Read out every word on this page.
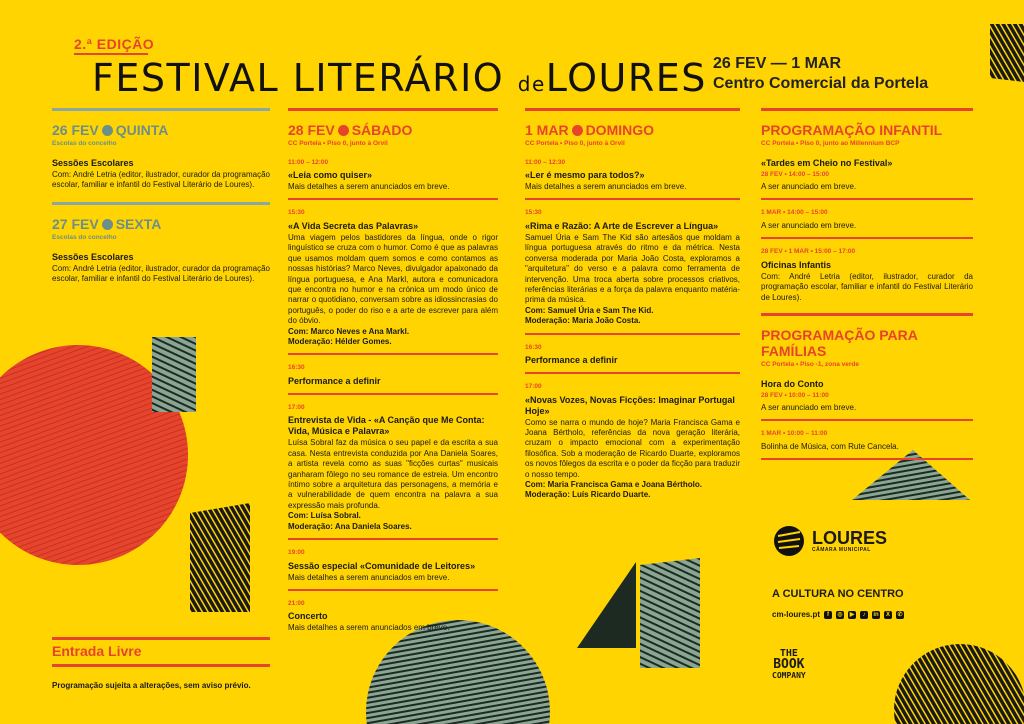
2.ª EDIÇÃO
FESTIVAL LITERÁRIO deLOURES 26 FEV — 1 MAR
Centro Comercial da Portela
26 FEV QUINTA
Escolas do concelho
Sessões Escolares
Com: André Letria (editor, ilustrador, curador da programação escolar, familiar e infantil do Festival Literário de Loures).
27 FEV SEXTA
Escolas do concelho
Sessões Escolares
Com: André Letria (editor, ilustrador, curador da programação escolar, familiar e infantil do Festival Literário de Loures).
28 FEV SÁBADO
CC Portela • Piso 0, junto à Orvil
11:00 – 12:00
«Leia como quiser»
Mais detalhes a serem anunciados em breve.
15:30
«A Vida Secreta das Palavras»
Uma viagem pelos bastidores da língua, onde o rigor linguístico se cruza com o humor. Como é que as palavras que usamos moldam quem somos e como contamos as nossas histórias? Marco Neves, divulgador apaixonado da língua portuguesa, e Ana Markl, autora e comunicadora que encontra no humor e na crónica um modo único de narrar o quotidiano, conversam sobre as idiossincrasias do português, o poder do riso e a arte de escrever para além do óbvio.
Com: Marco Neves e Ana Markl.
Moderação: Hélder Gomes.
16:30
Performance a definir
17:00
Entrevista de Vida - «A Canção que Me Conta: Vida, Música e Palavra»
Luísa Sobral faz da música o seu papel e da escrita a sua casa. Nesta entrevista conduzida por Ana Daniela Soares, a artista revela como as suas "ficções curtas" musicais ganharam fôlego no seu romance de estreia. Um encontro íntimo sobre a arquitetura das personagens, a memória e a vulnerabilidade de quem encontra na palavra a sua expressão mais profunda.
Com: Luísa Sobral.
Moderação: Ana Daniela Soares.
19:00
Sessão especial «Comunidade de Leitores»
Mais detalhes a serem anunciados em breve.
21:00
Concerto
Mais detalhes a serem anunciados em breve.
1 MAR DOMINGO
CC Portela • Piso 0, junto à Orvil
11:00 – 12:30
«Ler é mesmo para todos?»
Mais detalhes a serem anunciados em breve.
15:30
«Rima e Razão: A Arte de Escrever a Língua»
Samuel Úria e Sam The Kid são artesãos que moldam a língua portuguesa através do ritmo e da métrica. Nesta conversa moderada por Maria João Costa, exploramos a "arquitetura" do verso e a palavra como ferramenta de intervenção. Uma troca aberta sobre processos criativos, referências literárias e a força da palavra enquanto matéria-prima da música.
Com: Samuel Úria e Sam The Kid.
Moderação: Maria João Costa.
16:30
Performance a definir
17:00
«Novas Vozes, Novas Ficções: Imaginar Portugal Hoje»
Como se narra o mundo de hoje? Maria Francisca Gama e Joana Bértholo, referências da nova geração literária, cruzam o impacto emocional com a experimentação filosófica. Sob a moderação de Ricardo Duarte, exploramos os novos fôlegos da escrita e o poder da ficção para traduzir o nosso tempo.
Com: Maria Francisca Gama e Joana Bértholo.
Moderação: Luís Ricardo Duarte.
PROGRAMAÇÃO INFANTIL
CC Portela • Piso 0, junto ao Millennium BCP
«Tardes em Cheio no Festival»
28 FEV • 14:00 – 15:00
A ser anunciado em breve.
1 MAR • 14:00 – 15:00
A ser anunciado em breve.
28 FEV • 1 MAR • 15:00 – 17:00
Oficinas Infantis
Com: André Letria (editor, ilustrador, curador da programação escolar, familiar e infantil do Festival Literário de Loures).
PROGRAMAÇÃO PARA
FAMÍLIAS
CC Portela • Piso -1, zona verde
Hora do Conto
28 FEV • 10:00 – 11:00
A ser anunciado em breve.
1 MAR • 10:00 – 11:00
Bolinha de Música, com Rute Cancela.
Entrada Livre
Programação sujeita a alterações, sem aviso prévio.
LOURES
CÂMARA MUNICIPAL
A CULTURA NO CENTRO
cm-loures.pt	f	◎ ▶	♪	in	X	✆
THE
BOOK
COMPANY
